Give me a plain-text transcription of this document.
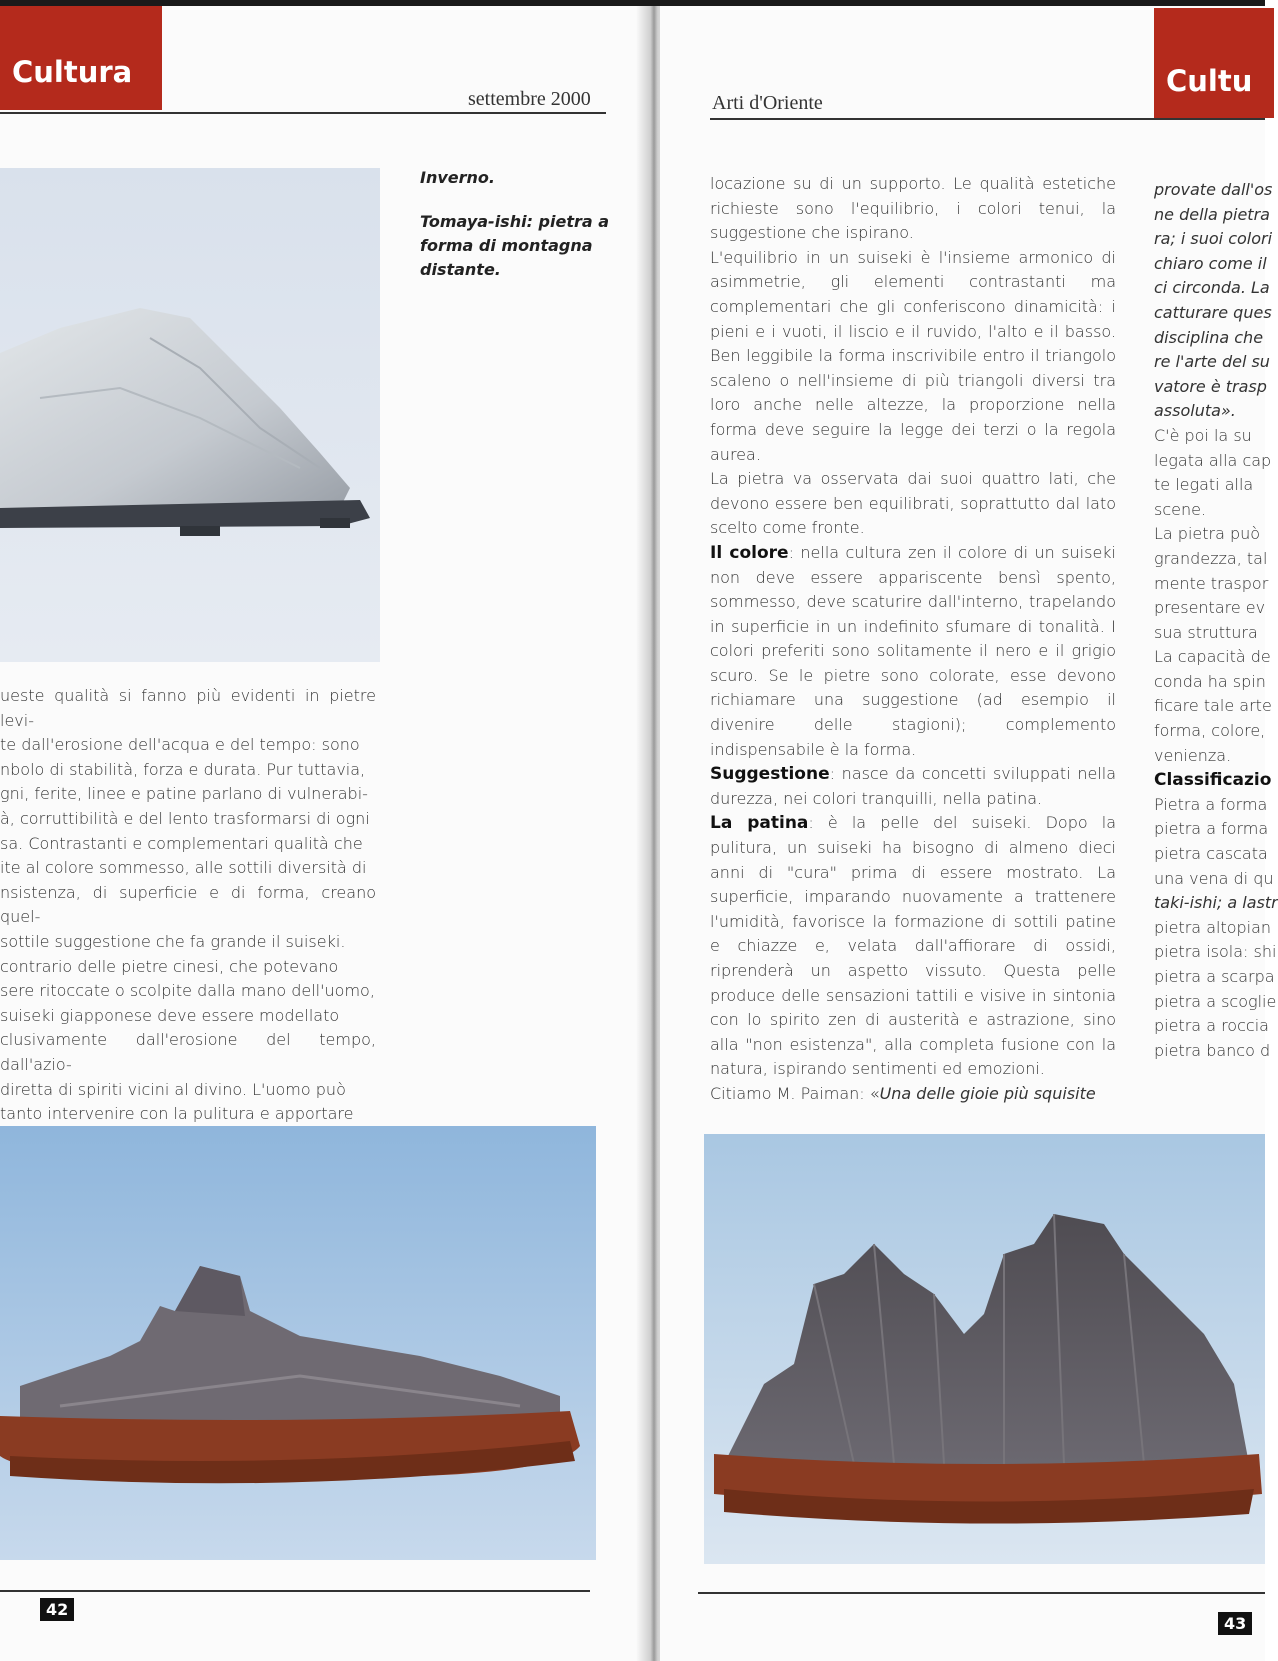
Cultura
settembre 2000

Inverno.

Tomaya-ishi: pietra a forma di montagna distante.

ueste qualità si fanno più evidenti in pietre levi-

te dall'erosione dell'acqua e del tempo: sono

nbolo di stabilità, forza e durata. Pur tuttavia,

gni, ferite, linee e patine parlano di vulnerabi-

à, corruttibilità e del lento trasformarsi di ogni

sa. Contrastanti e complementari qualità che

ite al colore sommesso, alle sottili diversità di

nsistenza, di superficie e di forma, creano quel-

sottile suggestione che fa grande il suiseki.

contrario delle pietre cinesi, che potevano

sere ritoccate o scolpite dalla mano dell'uomo,

suiseki giapponese deve essere modellato

clusivamente dall'erosione del tempo, dall'azio-

diretta di spiriti vicini al divino. L'uomo può

tanto intervenire con la pulitura e apportare

42
Cultu
Arti d'Oriente

locazione su di un supporto. Le qualità estetiche richieste sono l'equilibrio, i colori tenui, la suggestione che ispirano.

L'equilibrio in un suiseki è l'insieme armonico di asimmetrie, gli elementi contrastanti ma complementari che gli conferiscono dinamicità: i pieni e i vuoti, il liscio e il ruvido, l'alto e il basso. Ben leggibile la forma inscrivibile entro il triangolo scaleno o nell'insieme di più triangoli diversi tra loro anche nelle altezze, la proporzione nella forma deve seguire la legge dei terzi o la regola aurea.

La pietra va osservata dai suoi quattro lati, che devono essere ben equilibrati, soprattutto dal lato scelto come fronte.

Il colore: nella cultura zen il colore di un suiseki non deve essere appariscente bensì spento, sommesso, deve scaturire dall'interno, trapelando in superficie in un indefinito sfumare di tonalità. I colori preferiti sono solitamente il nero e il grigio scuro. Se le pietre sono colorate, esse devono richiamare una suggestione (ad esempio il divenire delle stagioni); complemento indispensabile è la forma.

Suggestione: nasce da concetti sviluppati nella durezza, nei colori tranquilli, nella patina.

La patina: è la pelle del suiseki. Dopo la pulitura, un suiseki ha bisogno di almeno dieci anni di "cura" prima di essere mostrato. La superficie, imparando nuovamente a trattenere l'umidità, favorisce la formazione di sottili patine e chiazze e, velata dall'affiorare di ossidi, riprenderà un aspetto vissuto. Questa pelle produce delle sensazioni tattili e visive in sintonia con lo spirito zen di austerità e astrazione, sino alla "non esistenza", alla completa fusione con la natura, ispirando sentimenti ed emozioni.

Citiamo M. Paiman: «Una delle gioie più squisite

provate dall'os

ne della pietra

ra; i suoi colori

chiaro come il

ci circonda. La

catturare ques

disciplina che

re l'arte del su

vatore è trasp

assoluta».

C'è poi la su

legata alla cap

te legati alla

scene.

La pietra può

grandezza, tal

mente traspor

presentare ev

sua struttura

La capacità de

conda ha spin

ficare tale arte

forma, colore,

venienza.

Classificazio

Pietra a forma

pietra a forma

pietra cascata

una vena di qu

taki-ishi; a lastr

pietra altopian

pietra isola: shi

pietra a scarpa

pietra a scoglie

pietra a roccia

pietra banco d

43
